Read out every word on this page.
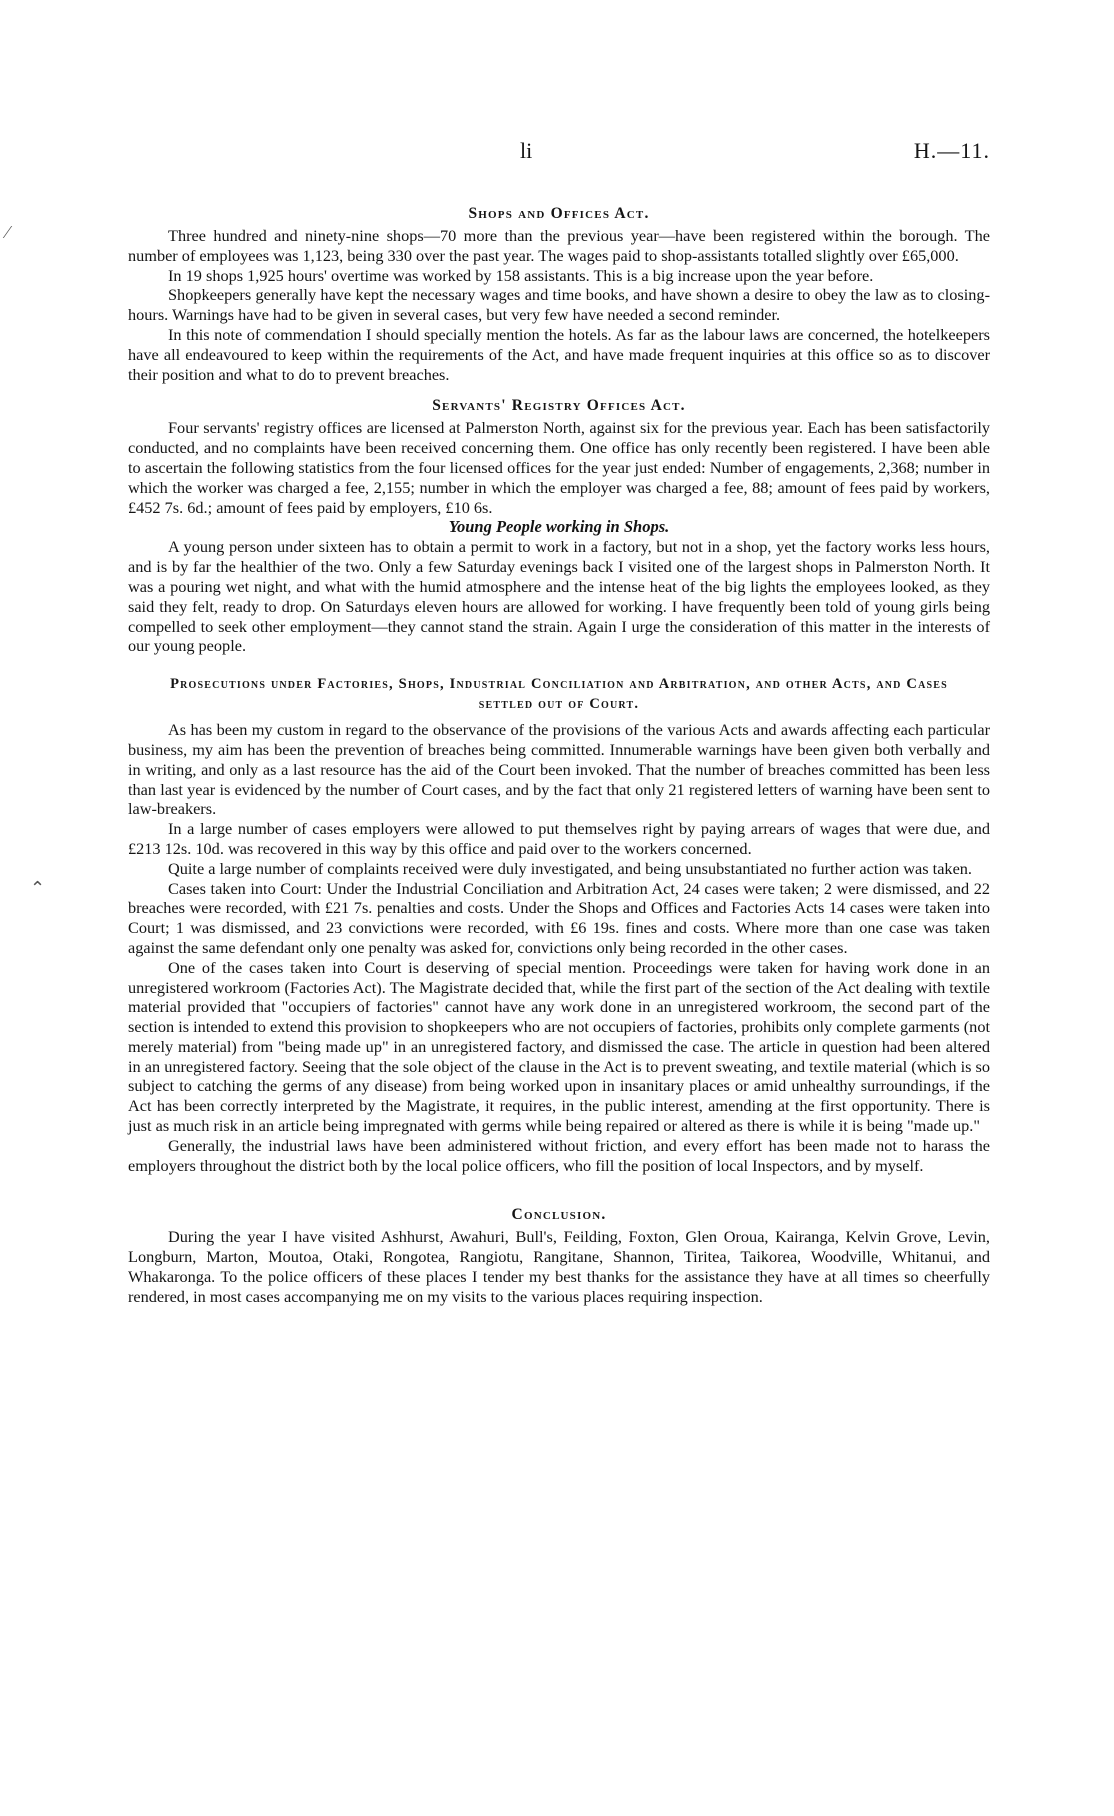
⁄
⌃
li	H.—11.
Shops and Offices Act.

Three hundred and ninety-nine shops—70 more than the previous year—have been registered within the borough. The number of employees was 1,123, being 330 over the past year. The wages paid to shop-assistants totalled slightly over £65,000.

In 19 shops 1,925 hours' overtime was worked by 158 assistants. This is a big increase upon the year before.

Shopkeepers generally have kept the necessary wages and time books, and have shown a desire to obey the law as to closing-hours. Warnings have had to be given in several cases, but very few have needed a second reminder.

In this note of commendation I should specially mention the hotels. As far as the labour laws are concerned, the hotelkeepers have all endeavoured to keep within the requirements of the Act, and have made frequent inquiries at this office so as to discover their position and what to do to prevent breaches.

Servants' Registry Offices Act.

Four servants' registry offices are licensed at Palmerston North, against six for the previous year. Each has been satisfactorily conducted, and no complaints have been received concerning them. One office has only recently been registered. I have been able to ascertain the following statistics from the four licensed offices for the year just ended: Number of engagements, 2,368; number in which the worker was charged a fee, 2,155; number in which the employer was charged a fee, 88; amount of fees paid by workers, £452 7s. 6d.; amount of fees paid by employers, £10 6s.

Young People working in Shops.

A young person under sixteen has to obtain a permit to work in a factory, but not in a shop, yet the factory works less hours, and is by far the healthier of the two. Only a few Saturday evenings back I visited one of the largest shops in Palmerston North. It was a pouring wet night, and what with the humid atmosphere and the intense heat of the big lights the employees looked, as they said they felt, ready to drop. On Saturdays eleven hours are allowed for working. I have frequently been told of young girls being compelled to seek other employment—they cannot stand the strain. Again I urge the consideration of this matter in the interests of our young people.

Prosecutions under Factories, Shops, Industrial Conciliation and Arbitration, and other Acts, and Cases settled out of Court.

As has been my custom in regard to the observance of the provisions of the various Acts and awards affecting each particular business, my aim has been the prevention of breaches being committed. Innumerable warnings have been given both verbally and in writing, and only as a last resource has the aid of the Court been invoked. That the number of breaches committed has been less than last year is evidenced by the number of Court cases, and by the fact that only 21 registered letters of warning have been sent to law-breakers.

In a large number of cases employers were allowed to put themselves right by paying arrears of wages that were due, and £213 12s. 10d. was recovered in this way by this office and paid over to the workers concerned.

Quite a large number of complaints received were duly investigated, and being unsubstantiated no further action was taken.

Cases taken into Court: Under the Industrial Conciliation and Arbitration Act, 24 cases were taken; 2 were dismissed, and 22 breaches were recorded, with £21 7s. penalties and costs. Under the Shops and Offices and Factories Acts 14 cases were taken into Court; 1 was dismissed, and 23 convictions were recorded, with £6 19s. fines and costs. Where more than one case was taken against the same defendant only one penalty was asked for, convictions only being recorded in the other cases.

One of the cases taken into Court is deserving of special mention. Proceedings were taken for having work done in an unregistered workroom (Factories Act). The Magistrate decided that, while the first part of the section of the Act dealing with textile material provided that "occupiers of factories" cannot have any work done in an unregistered workroom, the second part of the section is intended to extend this provision to shopkeepers who are not occupiers of factories, prohibits only complete garments (not merely material) from "being made up" in an unregistered factory, and dismissed the case. The article in question had been altered in an unregistered factory. Seeing that the sole object of the clause in the Act is to prevent sweating, and textile material (which is so subject to catching the germs of any disease) from being worked upon in insanitary places or amid unhealthy surroundings, if the Act has been correctly interpreted by the Magistrate, it requires, in the public interest, amending at the first opportunity. There is just as much risk in an article being impregnated with germs while being repaired or altered as there is while it is being "made up."

Generally, the industrial laws have been administered without friction, and every effort has been made not to harass the employers throughout the district both by the local police officers, who fill the position of local Inspectors, and by myself.

Conclusion.

During the year I have visited Ashhurst, Awahuri, Bull's, Feilding, Foxton, Glen Oroua, Kairanga, Kelvin Grove, Levin, Longburn, Marton, Moutoa, Otaki, Rongotea, Rangiotu, Rangitane, Shannon, Tiritea, Taikorea, Woodville, Whitanui, and Whakaronga. To the police officers of these places I tender my best thanks for the assistance they have at all times so cheerfully rendered, in most cases accompanying me on my visits to the various places requiring inspection.
